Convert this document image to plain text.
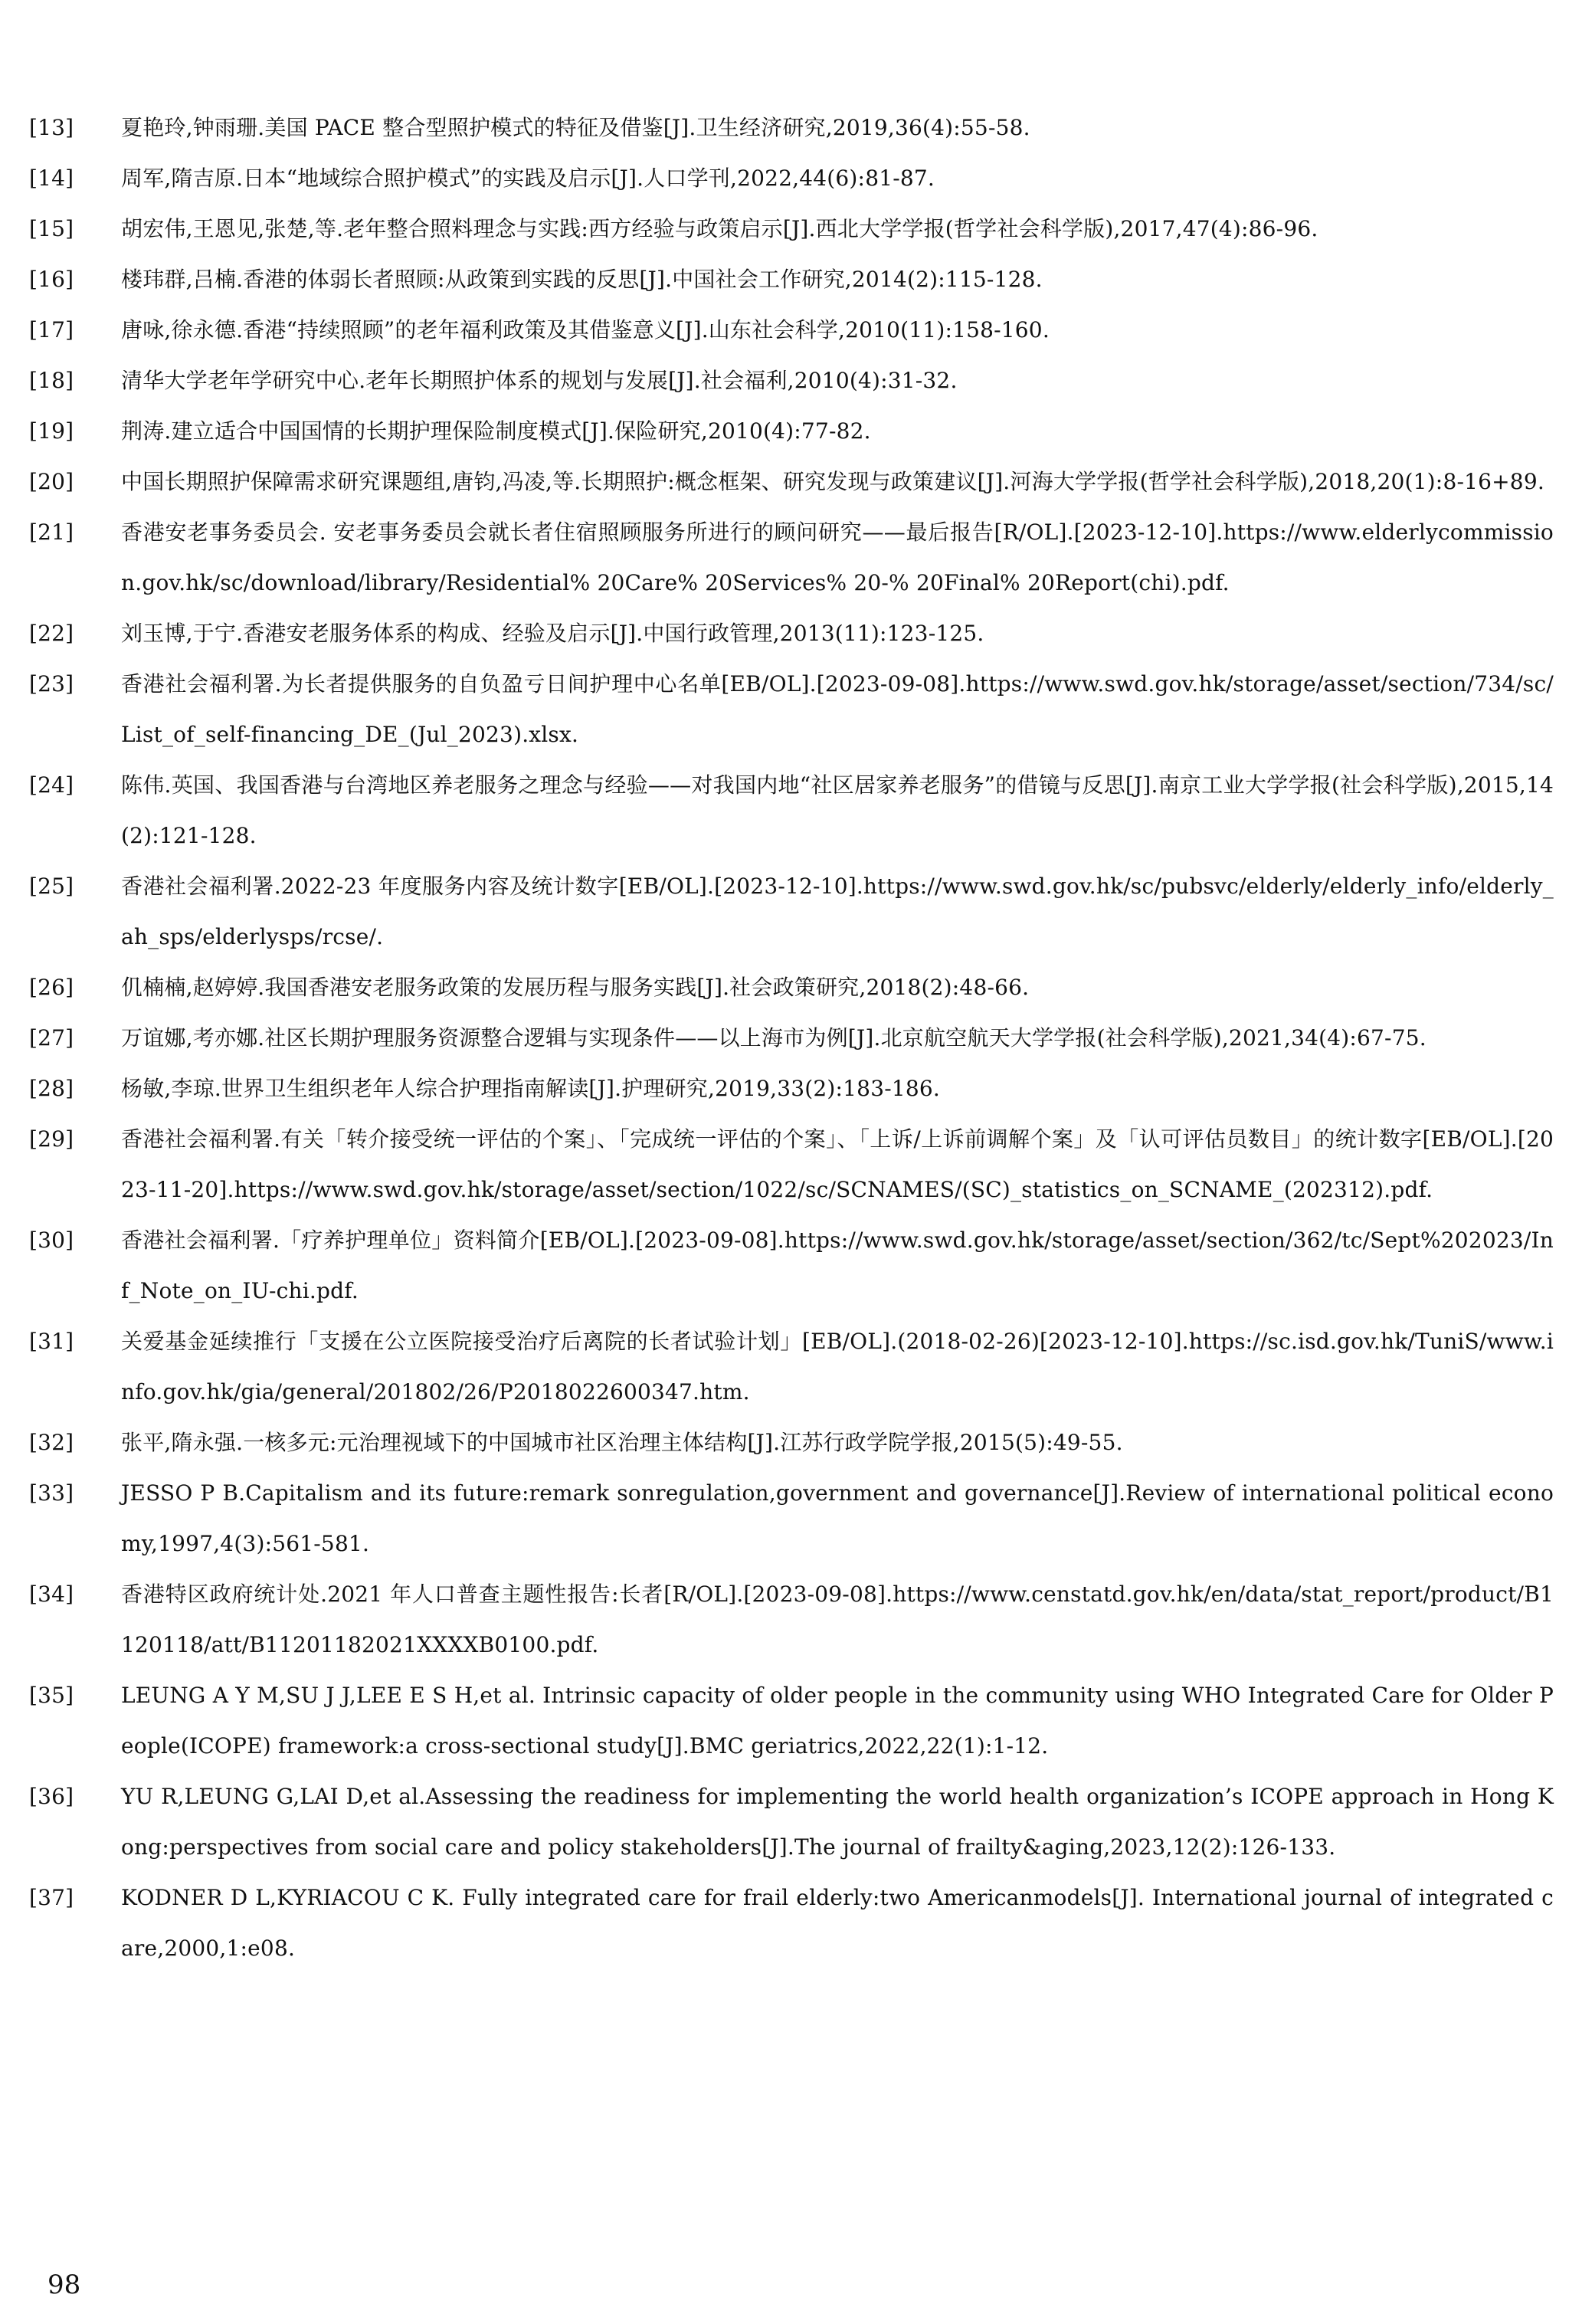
[13]	夏艳玲,钟雨珊.美国 PACE 整合型照护模式的特征及借鉴[J].卫生经济研究,2019,36(4):55-58.
[14]	周军,隋吉原.日本“地域综合照护模式”的实践及启示[J].人口学刊,2022,44(6):81-87.
[15]	胡宏伟,王恩见,张楚,等.老年整合照料理念与实践:西方经验与政策启示[J].西北大学学报(哲学社会科学版),2017,47(4):86-96.
[16]	楼玮群,吕楠.香港的体弱长者照顾:从政策到实践的反思[J].中国社会工作研究,2014(2):115-128.
[17]	唐咏,徐永德.香港“持续照顾”的老年福利政策及其借鉴意义[J].山东社会科学,2010(11):158-160.
[18]	清华大学老年学研究中心.老年长期照护体系的规划与发展[J].社会福利,2010(4):31-32.
[19]	荆涛.建立适合中国国情的长期护理保险制度模式[J].保险研究,2010(4):77-82.
[20]	中国长期照护保障需求研究课题组,唐钧,冯凌,等.长期照护:概念框架、研究发现与政策建议[J].河海大学学报(哲学社会科学版),2018,20(1):8-16+89.
[21]	香港安老事务委员会. 安老事务委员会就长者住宿照顾服务所进行的顾问研究——最后报告[R/OL].[2023-12-10].https://www.elderlycommission.gov.hk/sc/download/library/Residential% 20Care% 20Services% 20-% 20Final% 20Report(chi).pdf.
[22]	刘玉博,于宁.香港安老服务体系的构成、经验及启示[J].中国行政管理,2013(11):123-125.
[23]	香港社会福利署.为长者提供服务的自负盈亏日间护理中心名单[EB/OL].[2023-09-08].https://www.swd.gov.hk/storage/asset/section/734/sc/List_of_self-financing_DE_(Jul_2023).xlsx.
[24]	陈伟.英国、我国香港与台湾地区养老服务之理念与经验——对我国内地“社区居家养老服务”的借镜与反思[J].南京工业大学学报(社会科学版),2015,14(2):121-128.
[25]	香港社会福利署.2022-23 年度服务内容及统计数字[EB/OL].[2023-12-10].https://www.swd.gov.hk/sc/pubsvc/elderly/elderly_info/elderly_ah_sps/elderlysps/rcse/.
[26]	仉楠楠,赵婷婷.我国香港安老服务政策的发展历程与服务实践[J].社会政策研究,2018(2):48-66.
[27]	万谊娜,考亦娜.社区长期护理服务资源整合逻辑与实现条件——以上海市为例[J].北京航空航天大学学报(社会科学版),2021,34(4):67-75.
[28]	杨敏,李琼.世界卫生组织老年人综合护理指南解读[J].护理研究,2019,33(2):183-186.
[29]	香港社会福利署.有关「转介接受统一评估的个案」、「完成统一评估的个案」、「上诉/上诉前调解个案」及「认可评估员数目」的统计数字[EB/OL].[2023-11-20].https://www.swd.gov.hk/storage/asset/section/1022/sc/SCNAMES/(SC)_statistics_on_SCNAME_(202312).pdf.
[30]	香港社会福利署.「疗养护理单位」资料简介[EB/OL].[2023-09-08].https://www.swd.gov.hk/storage/asset/section/362/tc/Sept%202023/Inf_Note_on_IU-chi.pdf.
[31]	关爱基金延续推行「支援在公立医院接受治疗后离院的长者试验计划」[EB/OL].(2018-02-26)[2023-12-10].https://sc.isd.gov.hk/TuniS/www.info.gov.hk/gia/general/201802/26/P2018022600347.htm.
[32]	张平,隋永强.一核多元:元治理视域下的中国城市社区治理主体结构[J].江苏行政学院学报,2015(5):49-55.
[33]	JESSO P B.Capitalism and its future:remark sonregulation,government and governance[J].Review of international political economy,1997,4(3):561-581.
[34]	香港特区政府统计处.2021 年人口普查主题性报告:长者[R/OL].[2023-09-08].https://www.censtatd.gov.hk/en/data/stat_report/product/B1120118/att/B11201182021XXXXB0100.pdf.
[35]	LEUNG A Y M,SU J J,LEE E S H,et al. Intrinsic capacity of older people in the community using WHO Integrated Care for Older People(ICOPE) framework:a cross-sectional study[J].BMC geriatrics,2022,22(1):1-12.
[36]	YU R,LEUNG G,LAI D,et al.Assessing the readiness for implementing the world health organization’s ICOPE approach in Hong Kong:perspectives from social care and policy stakeholders[J].The journal of frailty&aging,2023,12(2):126-133.
[37]	KODNER D L,KYRIACOU C K. Fully integrated care for frail elderly:two Americanmodels[J]. International journal of integrated care,2000,1:e08.
98
